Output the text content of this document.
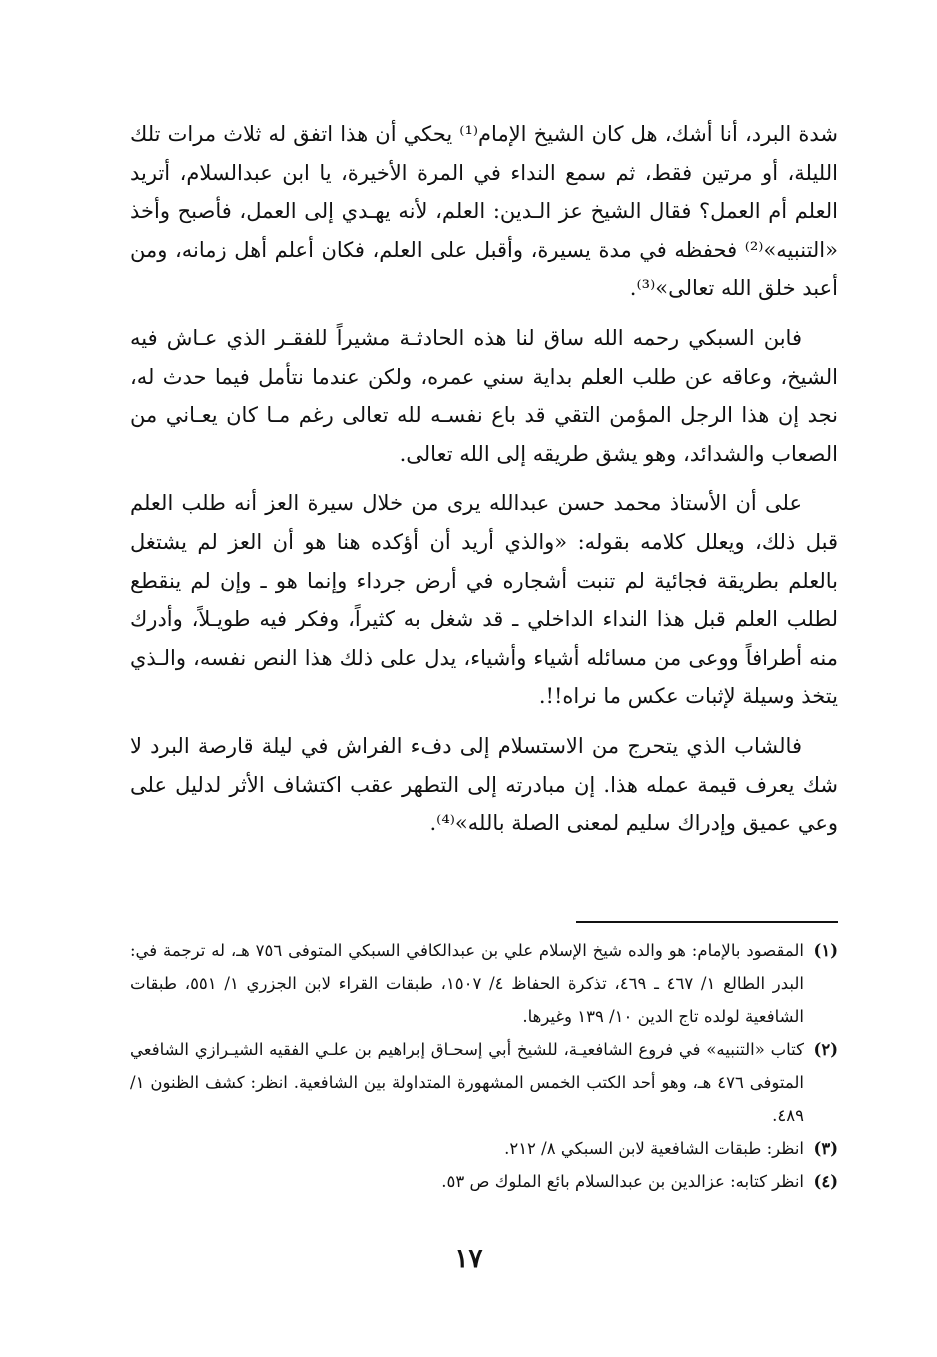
شدة البرد، أنا أشك، هل كان الشيخ الإمام⁽¹⁾ يحكي أن هذا اتفق له ثلاث مرات تلك الليلة، أو مرتين فقط، ثم سمع النداء في المرة الأخيرة، يا ابن عبدالسلام، أتريد العلم أم العمل؟ فقال الشيخ عز الـدين: العلم، لأنه يهـدي إلى العمل، فأصبح وأخذ «التنبيه»⁽²⁾ فحفظه في مدة يسيرة، وأقبل على العلم، فكان أعلم أهل زمانه، ومن أعبد خلق الله تعالى»⁽³⁾.

فابن السبكي رحمه الله ساق لنا هذه الحادثـة مشيراً للفقـر الذي عـاش فيه الشيخ، وعاقه عن طلب العلم بداية سني عمره، ولكن عندما نتأمل فيما حدث له، نجد إن هذا الرجل المؤمن التقي قد باع نفسـه لله تعالى رغم مـا كان يعـاني من الصعاب والشدائد، وهو يشق طريقه إلى الله تعالى.

على أن الأستاذ محمد حسن عبدالله يرى من خلال سيرة العز أنه طلب العلم قبل ذلك، ويعلل كلامه بقوله: «والذي أريد أن أؤكده هنا هو أن العز لم يشتغل بالعلم بطريقة فجائية لم تنبت أشجاره في أرض جرداء وإنما هو ـ وإن لم ينقطع لطلب العلم قبل هذا النداء الداخلي ـ قد شغل به كثيراً، وفكر فيه طويـلاً، وأدرك منه أطرافاً ووعى من مسائله أشياء وأشياء، يدل على ذلك هذا النص نفسه، والـذي يتخذ وسيلة لإثبات عكس ما نراه!!.

فالشاب الذي يتحرج من الاستسلام إلى دفء الفراش في ليلة قارصة البرد لا شك يعرف قيمة عمله هذا. إن مبادرته إلى التطهر عقب اكتشاف الأثر لدليل على وعي عميق وإدراك سليم لمعنى الصلة بالله»⁽⁴⁾.

(١)
المقصود بالإمام: هو والده شيخ الإسلام علي بن عبدالكافي السبكي المتوفى ٧٥٦ هـ، له ترجمة في: البدر الطالع ١/ ٤٦٧ ـ ٤٦٩، تذكرة الحفاظ ٤/ ١٥٠٧، طبقات القراء لابن الجزري ١/ ٥٥١، طبقات الشافعية لولده تاج الدين ١٠/ ١٣٩ وغيرها.

(٢)
كتاب «التنبيه» في فروع الشافعيـة، للشيخ أبي إسحـاق إبراهيم بن علـي الفقيه الشيـرازي الشافعي المتوفى ٤٧٦ هـ، وهو أحد الكتب الخمس المشهورة المتداولة بين الشافعية. انظر: كشف الظنون ١/ ٤٨٩.

(٣)
انظر: طبقات الشافعية لابن السبكي ٨/ ٢١٢.

(٤)
انظر كتابه: عزالدين بن عبدالسلام بائع الملوك ص ٥٣.

١٧
